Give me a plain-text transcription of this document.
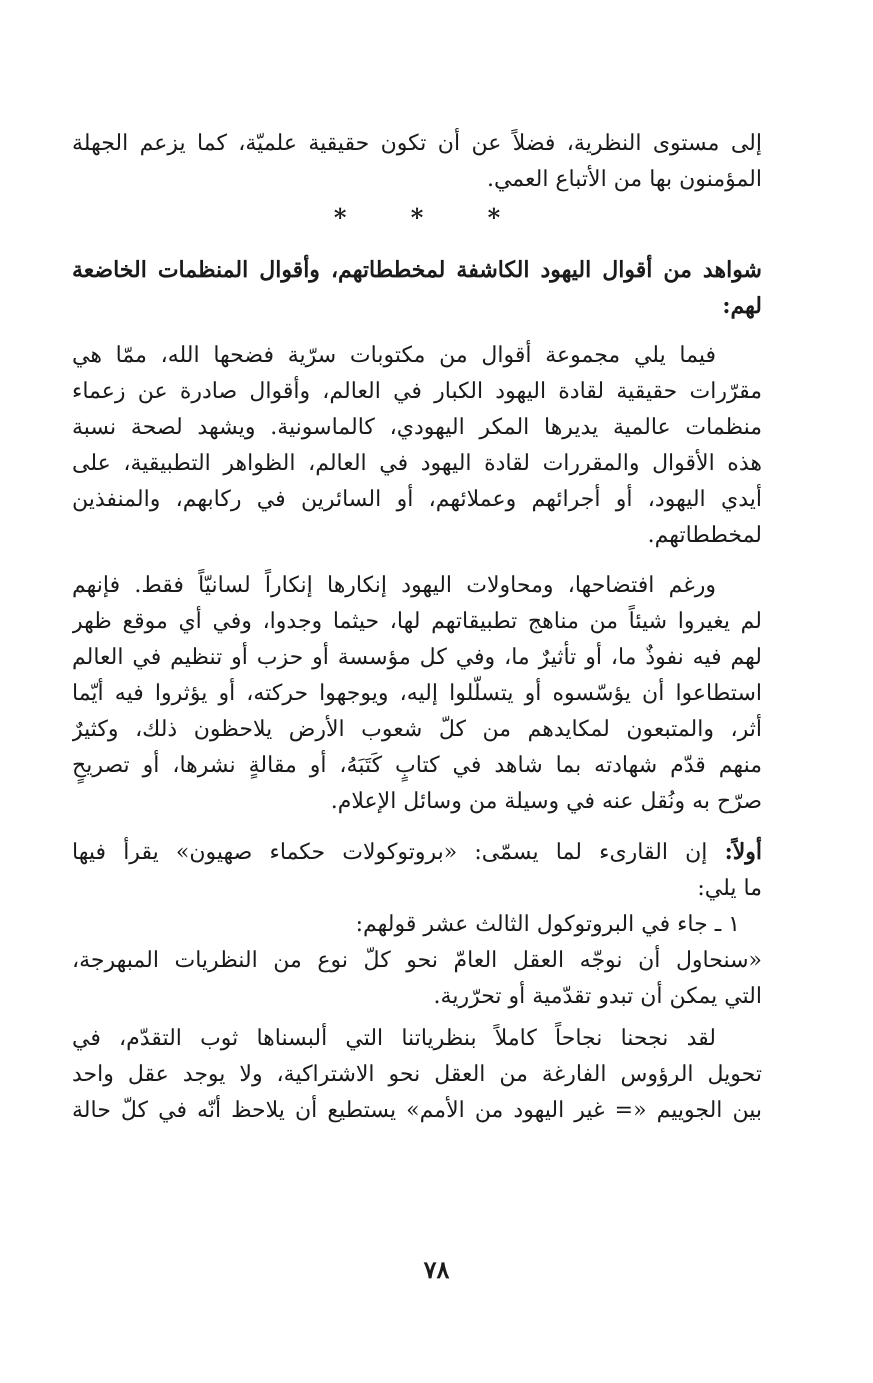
إلى مستوى النظرية، فضلاً عن أن تكون حقيقية علميّة، كما يزعم الجهلة
المؤمنون بها من الأتباع العمي.
* * *
شواهد من أقوال اليهود الكاشفة لمخططاتهم، وأقوال المنظمات الخاضعة
لهم:
فيما يلي مجموعة أقوال من مكتوبات سرّية فضحها الله، ممّا هي
مقرّرات حقيقية لقادة اليهود الكبار في العالم، وأقوال صادرة عن زعماء
منظمات عالمية يديرها المكر اليهودي، كالماسونية. ويشهد لصحة نسبة
هذه الأقوال والمقررات لقادة اليهود في العالم، الظواهر التطبيقية، على
أيدي اليهود، أو أجرائهم وعملائهم، أو السائرين في ركابهم، والمنفذين
لمخططاتهم.
ورغم افتضاحها، ومحاولات اليهود إنكارها إنكاراً لسانيّاً فقط. فإنهم
لم يغيروا شيئاً من مناهج تطبيقاتهم لها، حيثما وجدوا، وفي أي موقع ظهر
لهم فيه نفوذٌ ما، أو تأثيرٌ ما، وفي كل مؤسسة أو حزب أو تنظيم في العالم
استطاعوا أن يؤسّسوه أو يتسلّلوا إليه، ويوجهوا حركته، أو يؤثروا فيه أيّما
أثر، والمتبعون لمكايدهم من كلّ شعوب الأرض يلاحظون ذلك، وكثيرٌ
منهم قدّم شهادته بما شاهد في كتابٍ كَتَبَهُ، أو مقالةٍ نشرها، أو تصريحٍ
صرّح به ونُقل عنه في وسيلة من وسائل الإعلام.
أولاً: إن القارىء لما يسمّى: «بروتوكولات حكماء صهيون» يقرأ فيها
ما يلي:
١ ـ جاء في البروتوكول الثالث عشر قولهم:
«سنحاول أن نوجّه العقل العامّ نحو كلّ نوع من النظريات المبهرجة،
التي يمكن أن تبدو تقدّمية أو تحرّرية.
لقد نجحنا نجاحاً كاملاً بنظرياتنا التي ألبسناها ثوب التقدّم، في
تحويل الرؤوس الفارغة من العقل نحو الاشتراكية، ولا يوجد عقل واحد
بين الجوييم «= غير اليهود من الأمم» يستطيع أن يلاحظ أنّه في كلّ حالة
٧٨
